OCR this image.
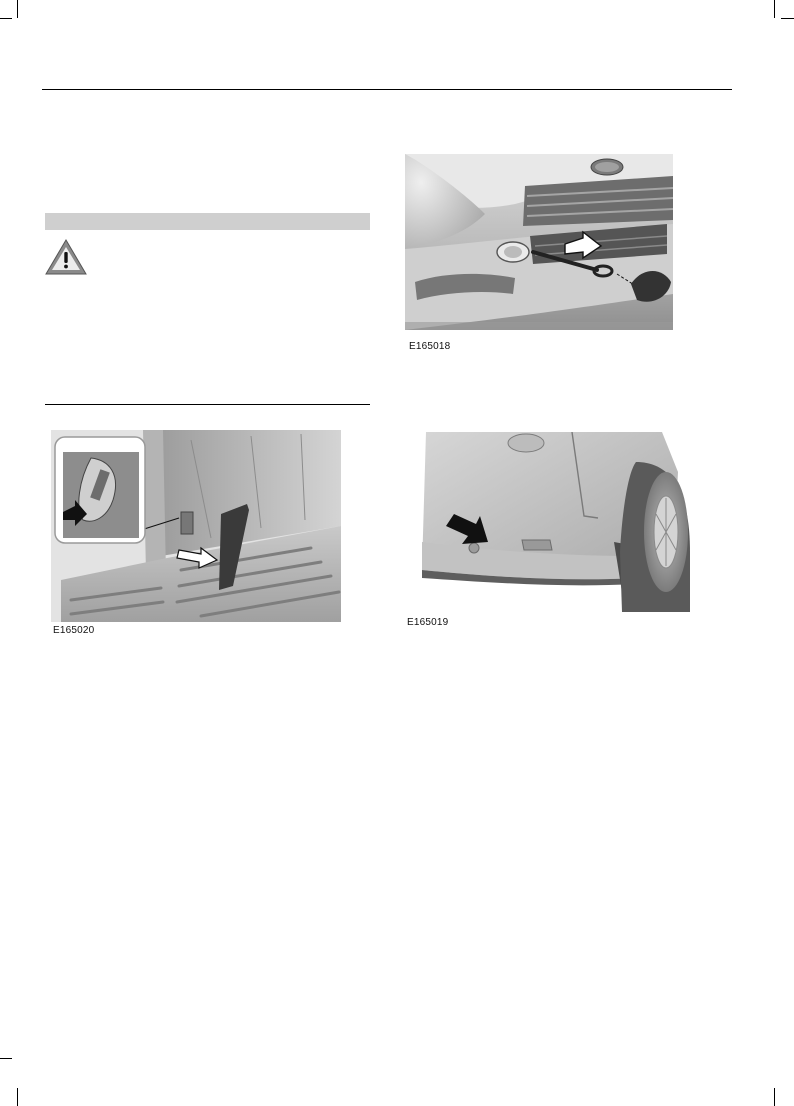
E165018
E165020
E165019
